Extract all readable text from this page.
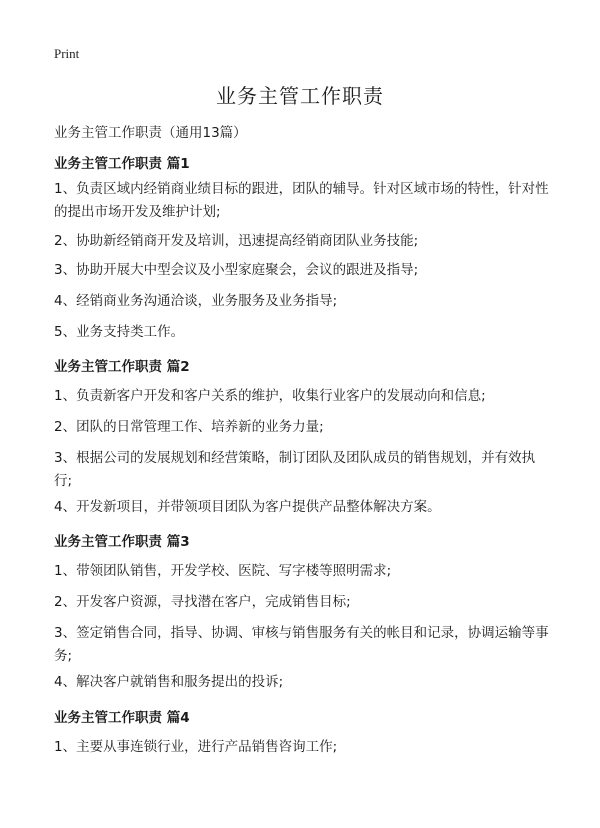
Print
业务主管工作职责
业务主管工作职责（通用13篇）
业务主管工作职责 篇1

1、负责区域内经销商业绩目标的跟进，团队的辅导。针对区域市场的特性，针对性的提出市场开发及维护计划;

2、协助新经销商开发及培训，迅速提高经销商团队业务技能;

3、协助开展大中型会议及小型家庭聚会，会议的跟进及指导;

4、经销商业务沟通洽谈，业务服务及业务指导;

5、业务支持类工作。

业务主管工作职责 篇2

1、负责新客户开发和客户关系的维护，收集行业客户的发展动向和信息;

2、团队的日常管理工作、培养新的业务力量;

3、根据公司的发展规划和经营策略，制订团队及团队成员的销售规划，并有效执行;

4、开发新项目，并带领项目团队为客户提供产品整体解决方案。

业务主管工作职责 篇3

1、带领团队销售，开发学校、医院、写字楼等照明需求;

2、开发客户资源，寻找潜在客户，完成销售目标;

3、签定销售合同，指导、协调、审核与销售服务有关的帐目和记录，协调运输等事务;

4、解决客户就销售和服务提出的投诉;

业务主管工作职责 篇4

1、主要从事连锁行业，进行产品销售咨询工作;
